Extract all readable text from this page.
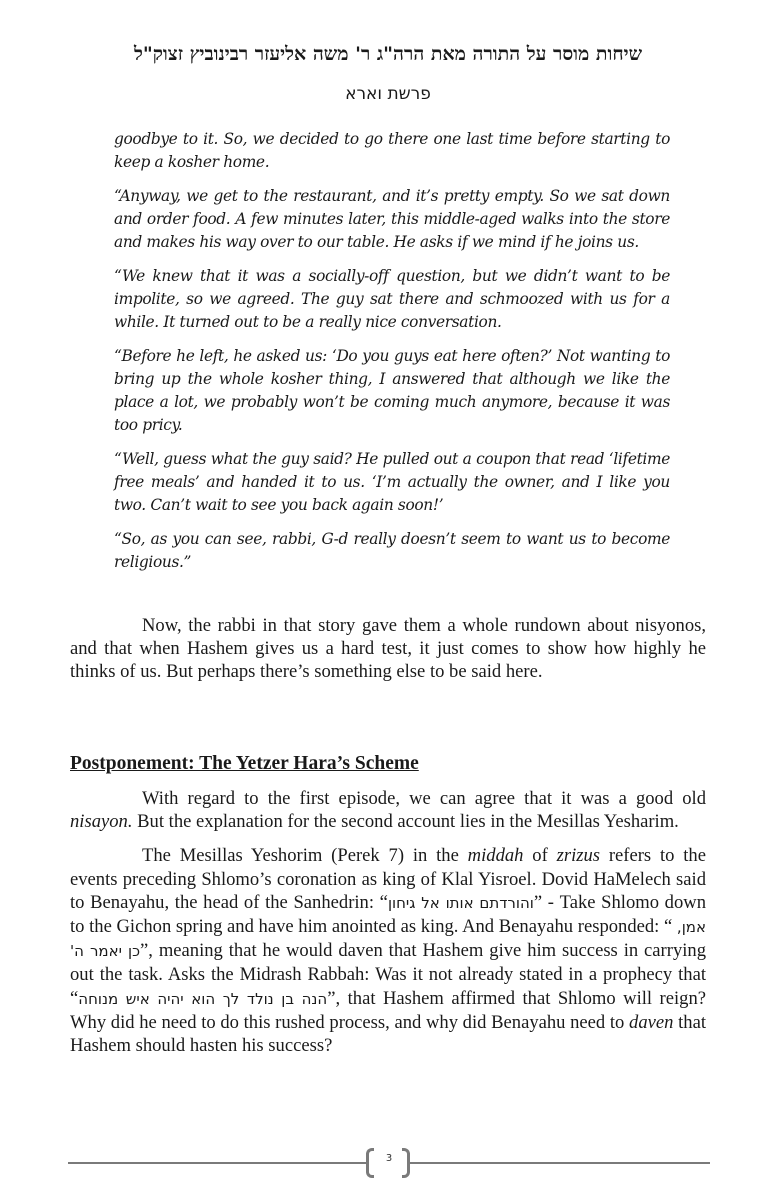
שיחות מוסר על התורה מאת הרה"ג ר' משה אליעזר רבינוביץ זצוק"ל
פרשת וארא

goodbye to it. So, we decided to go there one last time before starting to keep a kosher home.

“Anyway, we get to the restaurant, and it’s pretty empty. So we sat down and order food. A few minutes later, this middle-aged walks into the store and makes his way over to our table. He asks if we mind if he joins us.

“We knew that it was a socially-off question, but we didn’t want to be impolite, so we agreed. The guy sat there and schmoozed with us for a while. It turned out to be a really nice conversation.

“Before he left, he asked us: ‘Do you guys eat here often?’ Not wanting to bring up the whole kosher thing, I answered that although we like the place a lot, we probably won’t be coming much anymore, because it was too pricy.

“Well, guess what the guy said? He pulled out a coupon that read ‘lifetime free meals’ and handed it to us. ‘I’m actually the owner, and I like you two. Can’t wait to see you back again soon!’

“So, as you can see, rabbi, G-d really doesn’t seem to want us to become religious.”

Now, the rabbi in that story gave them a whole rundown about nisyonos, and that when Hashem gives us a hard test, it just comes to show how highly he thinks of us. But perhaps there’s something else to be said here.

Postponement: The Yetzer Hara’s Scheme

With regard to the first episode, we can agree that it was a good old nisayon. But the explanation for the second account lies in the Mesillas Yesharim.

The Mesillas Yeshorim (Perek 7) in the middah of zrizus refers to the events preceding Shlomo’s coronation as king of Klal Yisroel. Dovid HaMelech said to Benayahu, the head of the Sanhedrin: “והורדתם אותו אל גיחון” - Take Shlomo down to the Gichon spring and have him anointed as king. And Benayahu responded: “ אמן, כן יאמר ה'”, meaning that he would daven that Hashem give him success in carrying out the task. Asks the Midrash Rabbah: Was it not already stated in a prophecy that “הנה בן נולד לך הוא יהיה איש מנוחה”, that Hashem affirmed that Shlomo will reign? Why did he need to do this rushed process, and why did Benayahu need to daven that Hashem should hasten his success?

3
